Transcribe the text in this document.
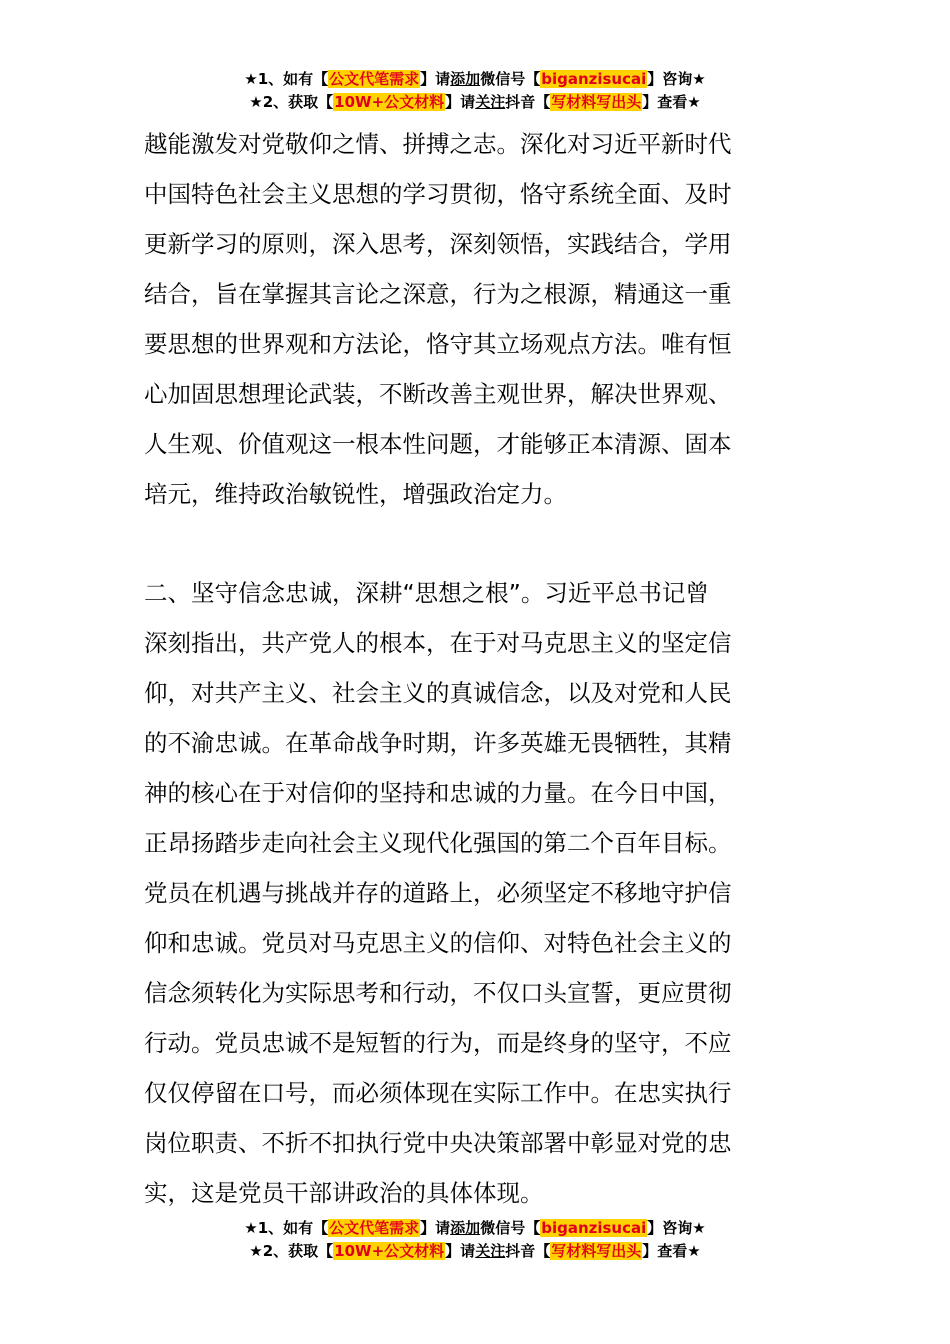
★1、如有【公文代笔需求】请添加微信号【biganzisucai】咨询★
★2、获取【10W+公文材料】请关注抖音【写材料写出头】查看★
越能激发对党敬仰之情、拼搏之志。深化对习近平新时代
中国特色社会主义思想的学习贯彻，恪守系统全面、及时
更新学习的原则，深入思考，深刻领悟，实践结合，学用
结合，旨在掌握其言论之深意，行为之根源，精通这一重
要思想的世界观和方法论，恪守其立场观点方法。唯有恒
心加固思想理论武装，不断改善主观世界，解决世界观、
人生观、价值观这一根本性问题，才能够正本清源、固本
培元，维持政治敏锐性，增强政治定力。
二、坚守信念忠诚，深耕“思想之根”。习近平总书记曾
深刻指出，共产党人的根本，在于对马克思主义的坚定信
仰，对共产主义、社会主义的真诚信念，以及对党和人民
的不渝忠诚。在革命战争时期，许多英雄无畏牺牲，其精
神的核心在于对信仰的坚持和忠诚的力量。在今日中国，
正昂扬踏步走向社会主义现代化强国的第二个百年目标。
党员在机遇与挑战并存的道路上，必须坚定不移地守护信
仰和忠诚。党员对马克思主义的信仰、对特色社会主义的
信念须转化为实际思考和行动，不仅口头宣誓，更应贯彻
行动。党员忠诚不是短暂的行为，而是终身的坚守，不应
仅仅停留在口号，而必须体现在实际工作中。在忠实执行
岗位职责、不折不扣执行党中央决策部署中彰显对党的忠
实，这是党员干部讲政治的具体体现。
★1、如有【公文代笔需求】请添加微信号【biganzisucai】咨询★
★2、获取【10W+公文材料】请关注抖音【写材料写出头】查看★
